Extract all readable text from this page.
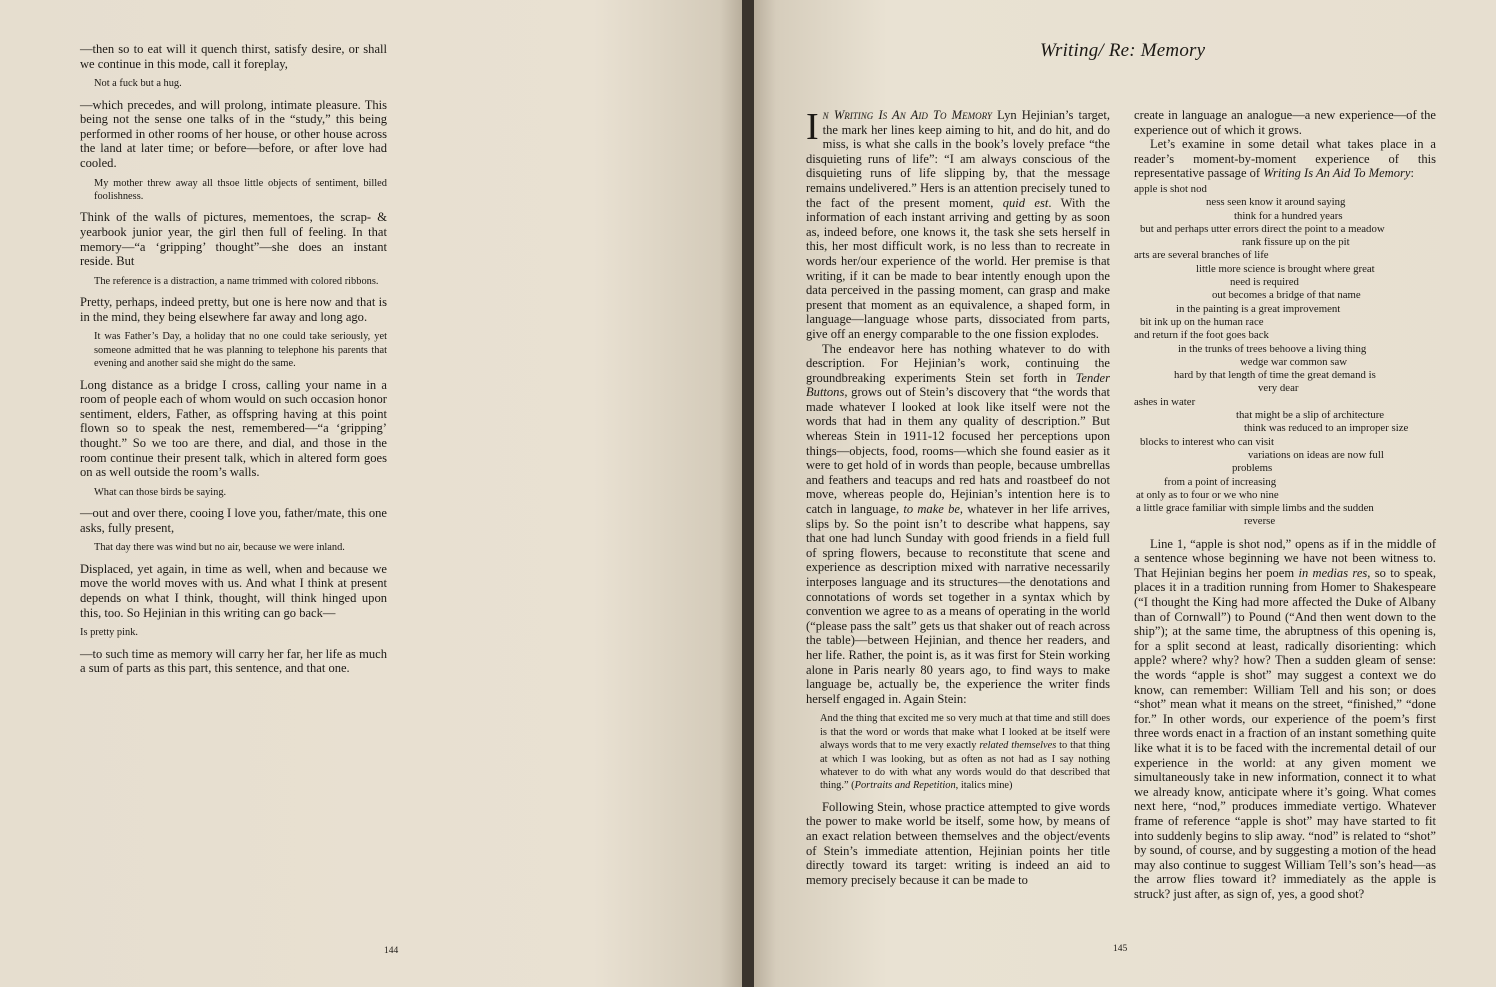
—then so to eat will it quench thirst, satisfy desire, or shall we continue in this mode, call it foreplay,

Not a fuck but a hug.

—which precedes, and will prolong, intimate pleasure. This being not the sense one talks of in the “study,” this being performed in other rooms of her house, or other house across the land at later time; or before—before, or after love had cooled.

My mother threw away all thsoe little objects of sentiment, billed foolishness.

Think of the walls of pictures, mementoes, the scrap- & yearbook junior year, the girl then full of feeling. In that memory—“a ‘gripping’ thought”—she does an instant reside. But

The reference is a distraction, a name trimmed with colored ribbons.

Pretty, perhaps, indeed pretty, but one is here now and that is in the mind, they being elsewhere far away and long ago.

It was Father’s Day, a holiday that no one could take seriously, yet someone admitted that he was planning to telephone his parents that evening and another said she might do the same.

Long distance as a bridge I cross, calling your name in a room of people each of whom would on such occasion honor sentiment, elders, Father, as offspring having at this point flown so to speak the nest, remembered—“a ‘gripping’ thought.” So we too are there, and dial, and those in the room continue their present talk, which in altered form goes on as well outside the room’s walls.

What can those birds be saying.

—out and over there, cooing I love you, father/mate, this one asks, fully present,

That day there was wind but no air, because we were inland.

Displaced, yet again, in time as well, when and because we move the world moves with us. And what I think at present depends on what I think, thought, will think hinged upon this, too. So Hejinian in this writing can go back—

Is pretty pink.

—to such time as memory will carry her far, her life as much a sum of parts as this part, this sentence, and that one.

144

In Writing Is An Aid To Memory Lyn Hejinian’s target, the mark her lines keep aiming to hit, and do hit, and do miss, is what she calls in the book’s lovely preface “the disquieting runs of life”: “I am always conscious of the disquieting runs of life slipping by, that the message remains undelivered.” Hers is an attention precisely tuned to the fact of the present moment, quid est. With the information of each instant arriving and getting by as soon as, indeed before, one knows it, the task she sets herself in this, her most difficult work, is no less than to recreate in words her/our experience of the world. Her premise is that writing, if it can be made to bear intently enough upon the data perceived in the passing moment, can grasp and make present that moment as an equivalence, a shaped form, in language—language whose parts, dissociated from parts, give off an energy comparable to the one fission explodes.

The endeavor here has nothing whatever to do with description. For Hejinian’s work, continuing the groundbreaking experiments Stein set forth in Tender Buttons, grows out of Stein’s discovery that “the words that made whatever I looked at look like itself were not the words that had in them any quality of description.” But whereas Stein in 1911-12 focused her perceptions upon things—objects, food, rooms—which she found easier as it were to get hold of in words than people, because umbrellas and feathers and teacups and red hats and roastbeef do not move, whereas people do, Hejinian’s intention here is to catch in language, to make be, whatever in her life arrives, slips by. So the point isn’t to describe what happens, say that one had lunch Sunday with good friends in a field full of spring flowers, because to reconstitute that scene and experience as description mixed with narrative necessarily interposes language and its structures—the denotations and connotations of words set together in a syntax which by convention we agree to as a means of operating in the world (“please pass the salt” gets us that shaker out of reach across the table)—between Hejinian, and thence her readers, and her life. Rather, the point is, as it was first for Stein working alone in Paris nearly 80 years ago, to find ways to make language be, actually be, the experience the writer finds herself engaged in. Again Stein:

And the thing that excited me so very much at that time and still does is that the word or words that make what I looked at be itself were always words that to me very exactly related themselves to that thing at which I was looking, but as often as not had as I say nothing whatever to do with what any words would do that described that thing.” (Portraits and Repetition, italics mine)

Following Stein, whose practice attempted to give words the power to make world be itself, some how, by means of an exact relation between themselves and the object/events of Stein’s immediate attention, Hejinian points her title directly toward its target: writing is indeed an aid to memory precisely because it can be made to

create in language an analogue—a new experience—of the experience out of which it grows.

Let’s examine in some detail what takes place in a reader’s moment-by-moment experience of this representative passage of Writing Is An Aid To Memory:

apple is shot nod
ness seen know it around saying
think for a hundred years
but and perhaps utter errors direct the point to a meadow
rank fissure up on the pit
arts are several branches of life
little more science is brought where great
need is required
out becomes a bridge of that name
in the painting is a great improvement
bit ink up on the human race
and return if the foot goes back
in the trunks of trees behoove a living thing
wedge war common saw
hard by that length of time the great demand is
very dear
ashes in water
that might be a slip of architecture
think was reduced to an improper size
blocks to interest who can visit
variations on ideas are now full
problems
from a point of increasing
at only as to four or we who nine
a little grace familiar with simple limbs and the sudden
reverse

Line 1, “apple is shot nod,” opens as if in the middle of a sentence whose beginning we have not been witness to. That Hejinian begins her poem in medias res, so to speak, places it in a tradition running from Homer to Shakespeare (“I thought the King had more affected the Duke of Albany than of Cornwall”) to Pound (“And then went down to the ship”); at the same time, the abruptness of this opening is, for a split second at least, radically disorienting: which apple? where? why? how? Then a sudden gleam of sense: the words “apple is shot” may suggest a context we do know, can remember: William Tell and his son; or does “shot” mean what it means on the street, “finished,” “done for.” In other words, our experience of the poem’s first three words enact in a fraction of an instant something quite like what it is to be faced with the incremental detail of our experience in the world: at any given moment we simultaneously take in new information, connect it to what we already know, anticipate where it’s going. What comes next here, “nod,” produces immediate vertigo. Whatever frame of reference “apple is shot” may have started to fit into suddenly begins to slip away. “nod” is related to “shot” by sound, of course, and by suggesting a motion of the head may also continue to suggest William Tell’s son’s head—as the arrow flies toward it? immediately as the apple is struck? just after, as sign of, yes, a good shot?

Writing/ Re: Memory
145
